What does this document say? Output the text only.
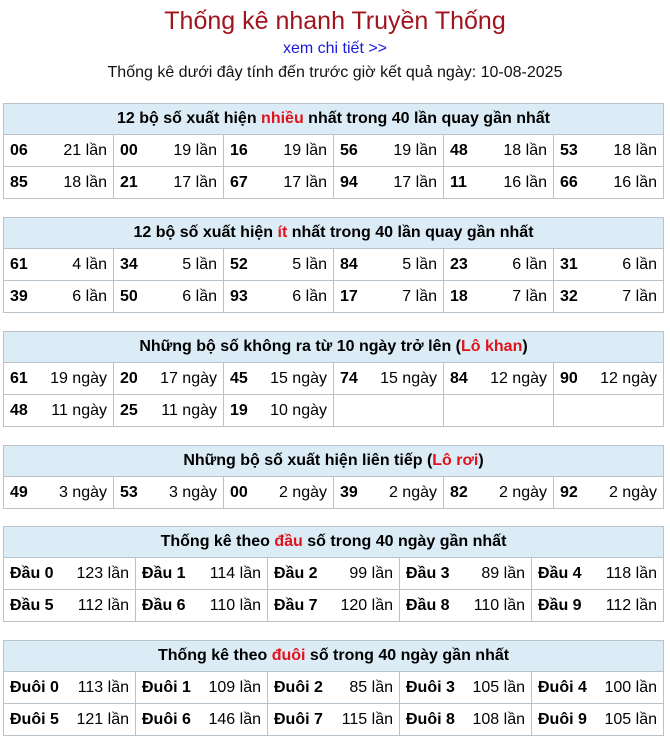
Thống kê nhanh Truyền Thống
xem chi tiết >>
Thống kê dưới đây tính đến trước giờ kết quả ngày: 10-08-2025
12 bộ số xuất hiện nhiều nhất trong 40 lần quay gần nhất					

06 21 lần	00 19 lần	16 19 lần	56 19 lần	48 18 lần	53 18 lần

85 18 lần	21 17 lần	67 17 lần	94 17 lần	11 16 lần	66 16 lần
12 bộ số xuất hiện ít nhất trong 40 lần quay gần nhất					

61 4 lần	34 5 lần	52 5 lần	84 5 lần	23 6 lần	31 6 lần

39 6 lần	50 6 lần	93 6 lần	17 7 lần	18 7 lần	32 7 lần
Những bộ số không ra từ 10 ngày trở lên (Lô khan)					

61 19 ngày	20 17 ngày	45 15 ngày	74 15 ngày	84 12 ngày	90 12 ngày

48 11 ngày	25 11 ngày	19 10 ngày			

Những bộ số xuất hiện liên tiếp (Lô rơi)

49 3 ngày	53 3 ngày	00 2 ngày	39 2 ngày	82 2 ngày	92 2 ngày
Thống kê theo đầu số trong 40 ngày gần nhất				

Đầu 0 123 lần	Đầu 1 114 lần	Đầu 2 99 lần	Đầu 3 89 lần	Đầu 4 118 lần

Đầu 5 112 lần	Đầu 6 110 lần	Đầu 7 120 lần	Đầu 8 110 lần	Đầu 9 112 lần
Thống kê theo đuôi số trong 40 ngày gần nhất				

Đuôi 0 113 lần	Đuôi 1 109 lần	Đuôi 2 85 lần	Đuôi 3 105 lần	Đuôi 4 100 lần

Đuôi 5 121 lần	Đuôi 6 146 lần	Đuôi 7 115 lần	Đuôi 8 108 lần	Đuôi 9 105 lần
